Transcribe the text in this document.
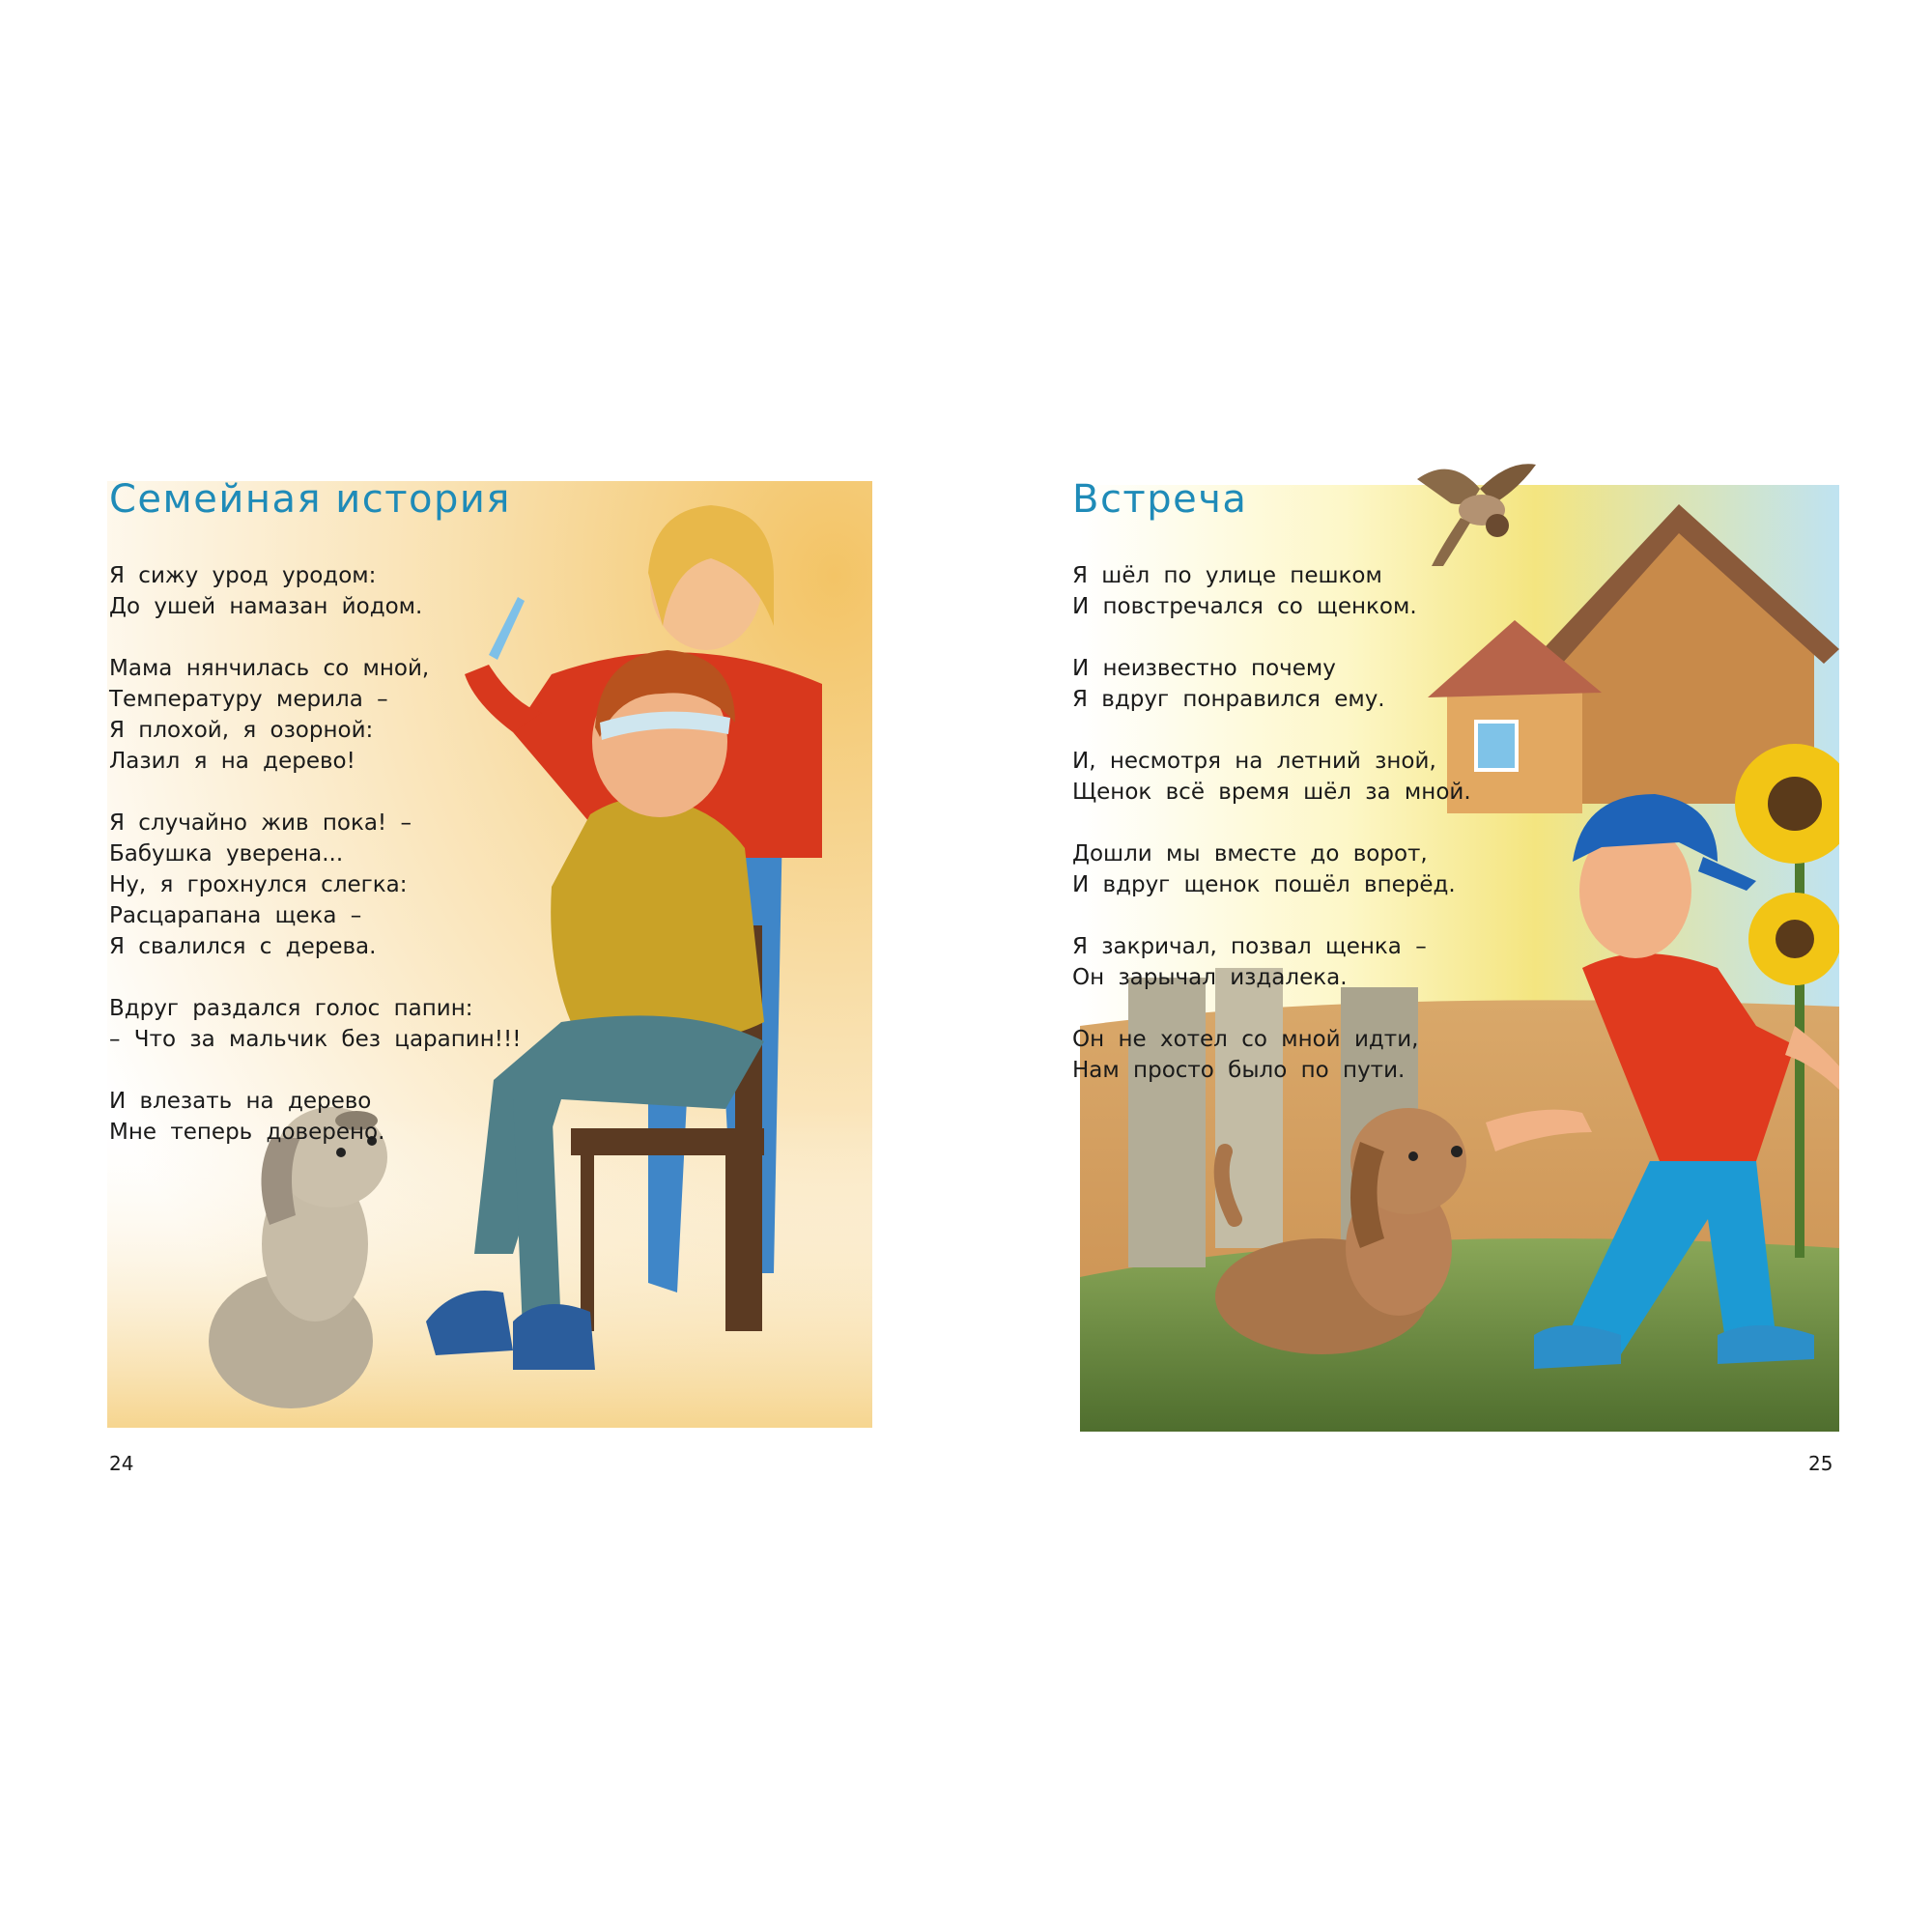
Семейная история
Я сижу урод уродом:
До ушей намазан йодом.
Мама нянчилась со мной,
Температуру мерила –
Я плохой, я озорной:
Лазил я на дерево!
Я случайно жив пока! –
Бабушка уверена...
Ну, я грохнулся слегка:
Расцарапана щека –
Я свалился с дерева.
Вдруг раздался голос папин:
– Что за мальчик без царапин!!!
И влезать на дерево
Мне теперь доверено.
24
Встреча
Я шёл по улице пешком
И повстречался со щенком.
И неизвестно почему
Я вдруг понравился ему.
И, несмотря на летний зной,
Щенок всё время шёл за мной.
Дошли мы вместе до ворот,
И вдруг щенок пошёл вперёд.
Я закричал, позвал щенка –
Он зарычал издалека.
Он не хотел со мной идти,
Нам просто было по пути.
25
